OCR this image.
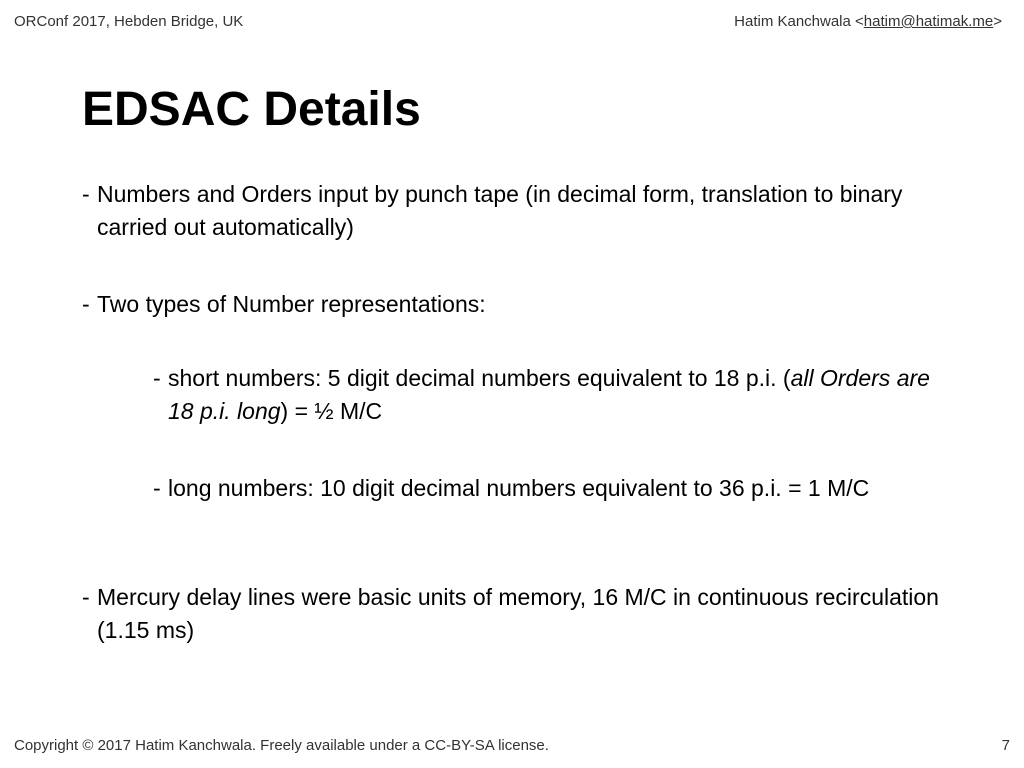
ORConf 2017, Hebden Bridge, UK	Hatim Kanchwala <hatim@hatimak.me>
EDSAC Details
- Numbers and Orders input by punch tape (in decimal form, translation to binary carried out automatically)
- Two types of Number representations:
- short numbers: 5 digit decimal numbers equivalent to 18 p.i. (all Orders are 18 p.i. long) = ½ M/C
- long numbers: 10 digit decimal numbers equivalent to 36 p.i. = 1 M/C
- Mercury delay lines were basic units of memory, 16 M/C in continuous recirculation (1.15 ms)
Copyright © 2017 Hatim Kanchwala. Freely available under a CC-BY-SA license.	7
